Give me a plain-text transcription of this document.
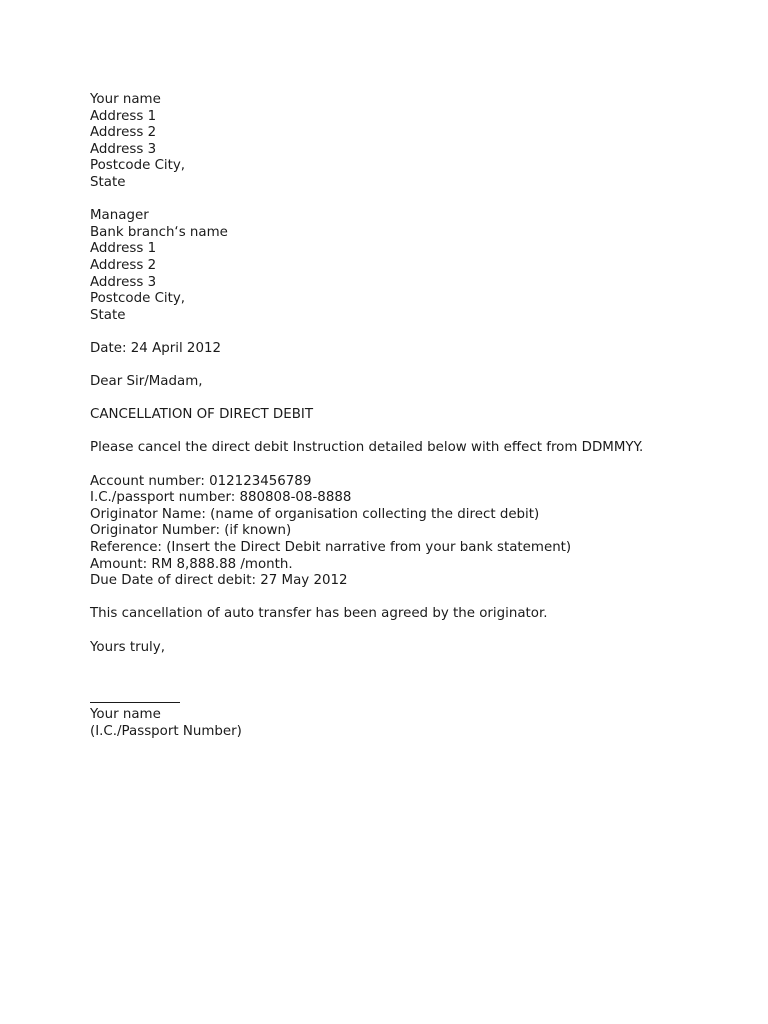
Your name
Address 1
Address 2
Address 3
Postcode City,
State
Manager
Bank branch‘s name
Address 1
Address 2
Address 3
Postcode City,
State
Date: 24 April 2012
Dear Sir/Madam,
CANCELLATION OF DIRECT DEBIT
Please cancel the direct debit Instruction detailed below with effect from DDMMYY.
Account number: 012123456789
I.C./passport number: 880808-08-8888
Originator Name: (name of organisation collecting the direct debit)
Originator Number: (if known)
Reference: (Insert the Direct Debit narrative from your bank statement)
Amount: RM 8,888.88 /month.
Due Date of direct debit: 27 May 2012
This cancellation of auto transfer has been agreed by the originator.
Yours truly,
Your name
(I.C./Passport Number)
